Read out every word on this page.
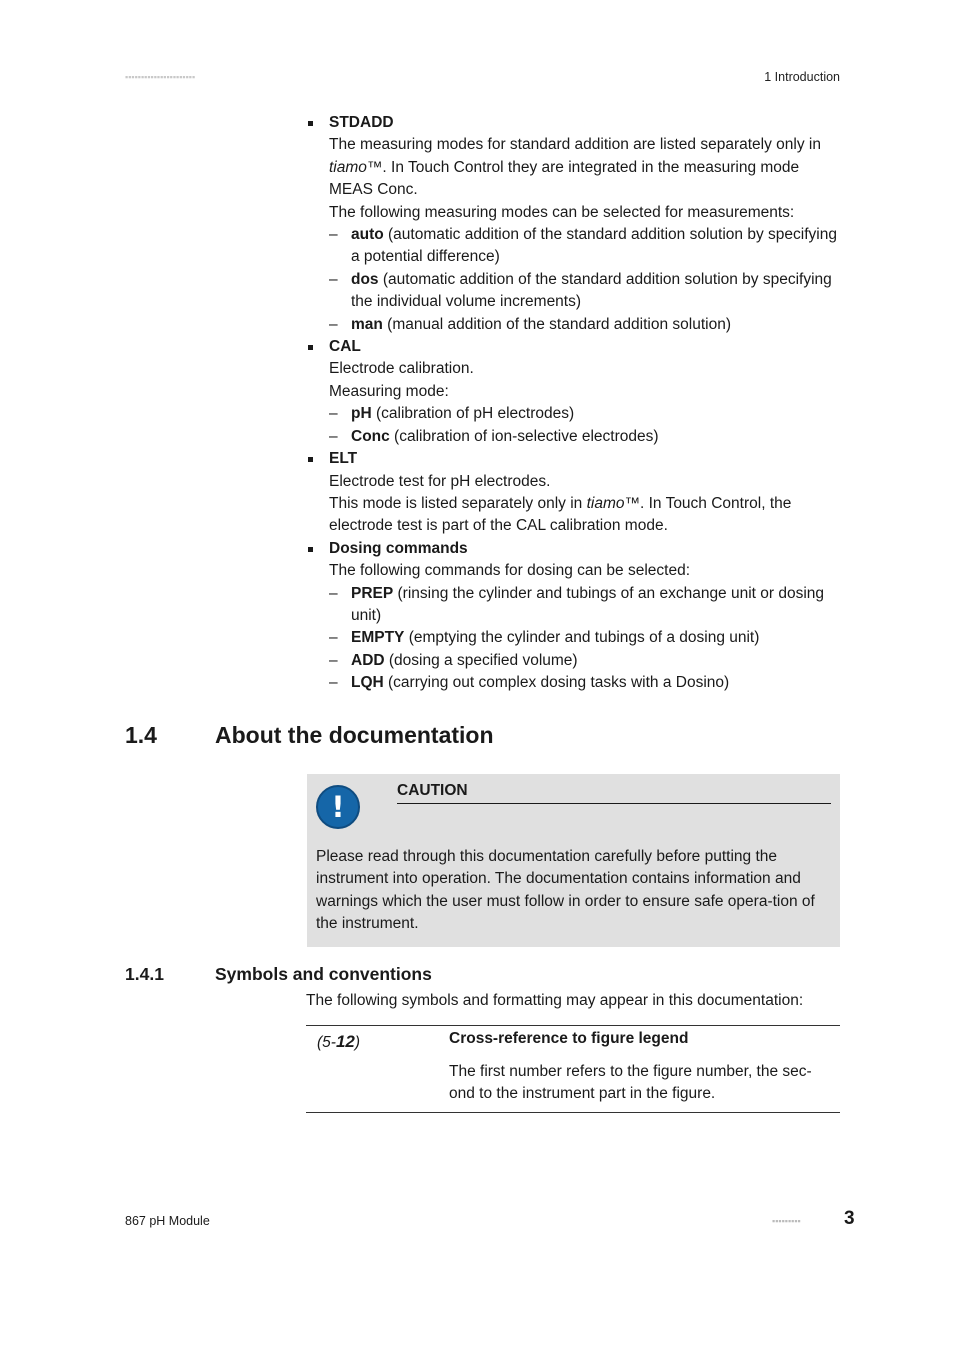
▪▪▪▪▪▪▪▪▪▪▪▪▪▪▪▪▪▪▪▪▪▪	1 Introduction
STDADD
The measuring modes for standard addition are listed separately only in tiamo™. In Touch Control they are integrated in the measuring mode MEAS Conc.
The following measuring modes can be selected for measurements:
– auto (automatic addition of the standard addition solution by specifying a potential difference)
– dos (automatic addition of the standard addition solution by specifying the individual volume increments)
– man (manual addition of the standard addition solution)
CAL
Electrode calibration.
Measuring mode:
– pH (calibration of pH electrodes)
– Conc (calibration of ion-selective electrodes)
ELT
Electrode test for pH electrodes.
This mode is listed separately only in tiamo™. In Touch Control, the electrode test is part of the CAL calibration mode.
Dosing commands
The following commands for dosing can be selected:
– PREP (rinsing the cylinder and tubings of an exchange unit or dosing unit)
– EMPTY (emptying the cylinder and tubings of a dosing unit)
– ADD (dosing a specified volume)
– LQH (carrying out complex dosing tasks with a Dosino)
1.4	About the documentation
!	CAUTION
Please read through this documentation carefully before putting the instrument into operation. The documentation contains information and warnings which the user must follow in order to ensure safe opera-tion of the instrument.
1.4.1	Symbols and conventions
The following symbols and formatting may appear in this documentation:
(5-12)	Cross-reference to figure legend
The first number refers to the figure number, the sec-ond to the instrument part in the figure.
867 pH Module	▪▪▪▪▪▪▪▪▪ 3
